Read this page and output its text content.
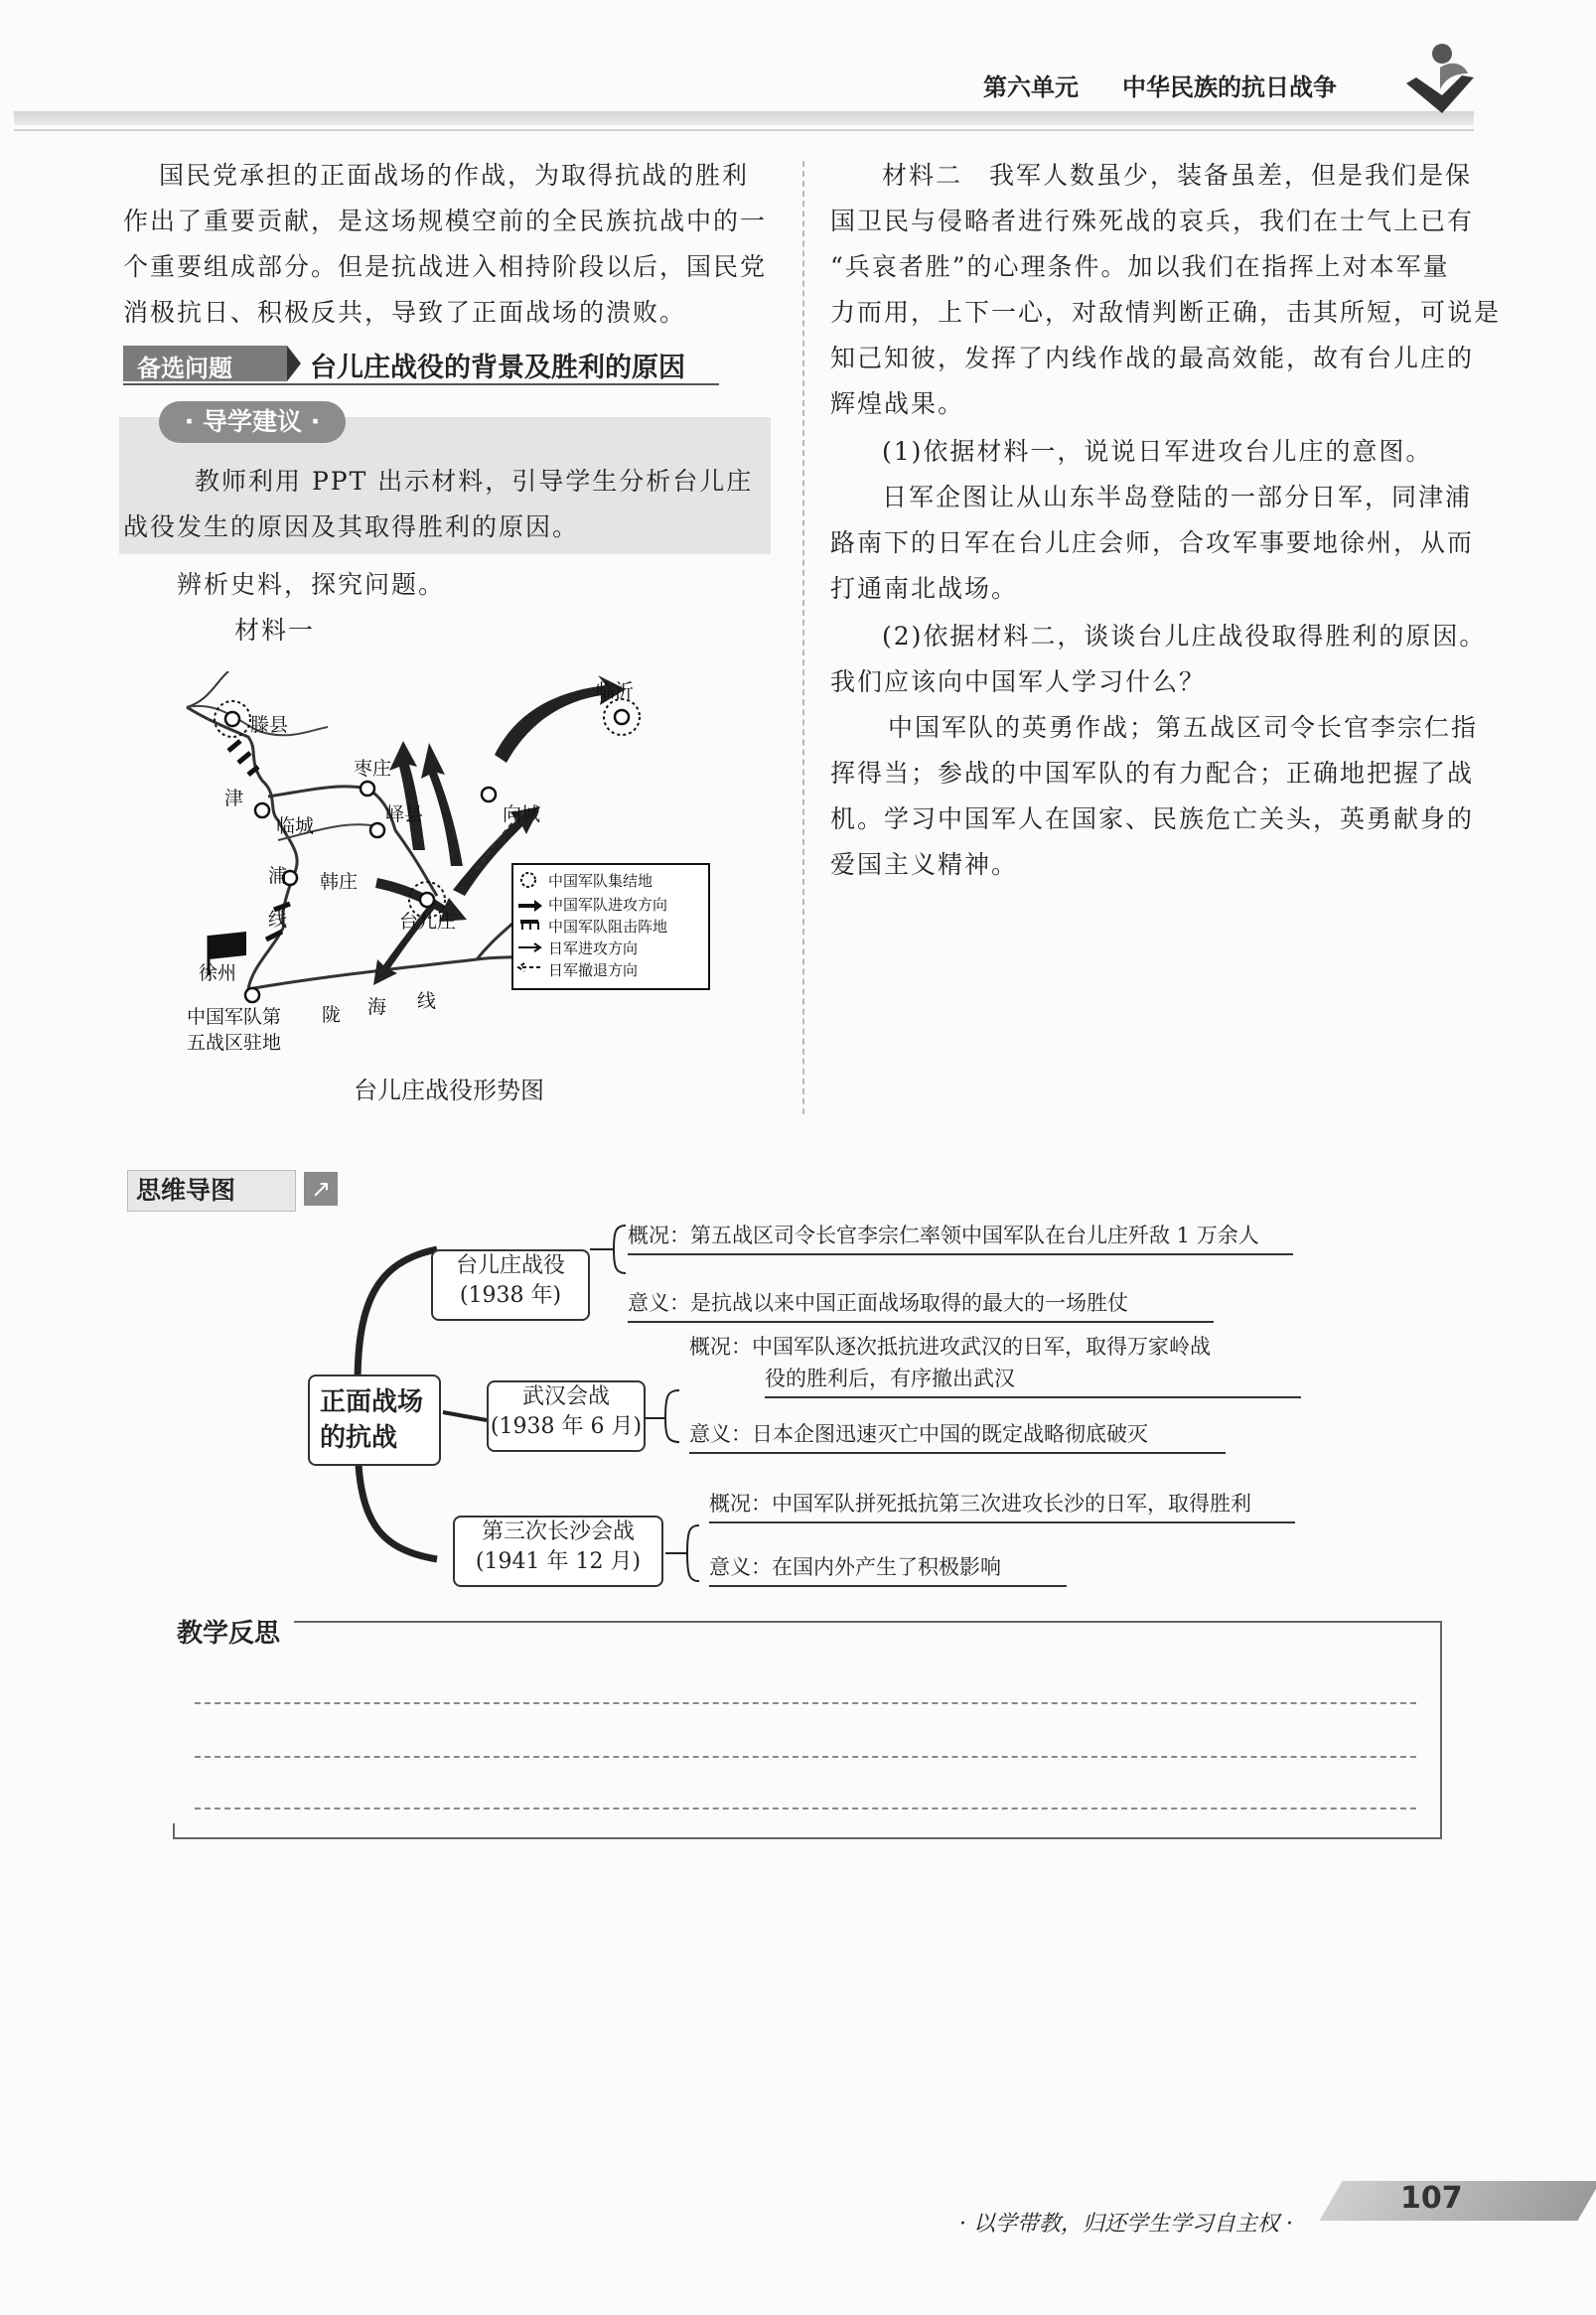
第六单元 中华民族的抗日战争
国民党承担的正面战场的作战，为取得抗战的胜利
作出了重要贡献，是这场规模空前的全民族抗战中的一
个重要组成部分。但是抗战进入相持阶段以后，国民党
消极抗日、积极反共，导致了正面战场的溃败。
备选问题	台儿庄战役的背景及胜利的原因
· 导学建议 ·
教师利用 PPT 出示材料，引导学生分析台儿庄
战役发生的原因及其取得胜利的原因。
辨析史料，探究问题。
材料一
滕县
临沂
枣庄
峄县	向城
临城
韩庄
台儿庄
徐州
中国军队第
五战区驻地
津
浦
线
陇 海 线
中国军队集结地
中国军队进攻方向
中国军队阻击阵地
日军进攻方向
日军撤退方向
台儿庄战役形势图
材料二　我军人数虽少，装备虽差，但是我们是保
国卫民与侵略者进行殊死战的哀兵，我们在士气上已有
“兵哀者胜”的心理条件。加以我们在指挥上对本军量
力而用，上下一心，对敌情判断正确，击其所短，可说是
知己知彼，发挥了内线作战的最高效能，故有台儿庄的
辉煌战果。
(1)依据材料一，说说日军进攻台儿庄的意图。
日军企图让从山东半岛登陆的一部分日军，同津浦
路南下的日军在台儿庄会师，合攻军事要地徐州，从而
打通南北战场。
(2)依据材料二，谈谈台儿庄战役取得胜利的原因。
我们应该向中国军人学习什么？
中国军队的英勇作战；第五战区司令长官李宗仁指
挥得当；参战的中国军队的有力配合；正确地把握了战
机。学习中国军人在国家、民族危亡关头，英勇献身的
爱国主义精神。
思维导图	↗
正面战场
的抗战
台儿庄战役
(1938 年)
武汉会战
(1938 年 6 月)
第三次长沙会战
(1941 年 12 月)
概况：第五战区司令长官李宗仁率领中国军队在台儿庄歼敌 1 万余人
意义：是抗战以来中国正面战场取得的最大的一场胜仗
概况：中国军队逐次抵抗进攻武汉的日军，取得万家岭战
役的胜利后，有序撤出武汉
意义：日本企图迅速灭亡中国的既定战略彻底破灭
概况：中国军队拼死抵抗第三次进攻长沙的日军，取得胜利
意义：在国内外产生了积极影响
教学反思
· 以学带教，归还学生学习自主权 ·
107
